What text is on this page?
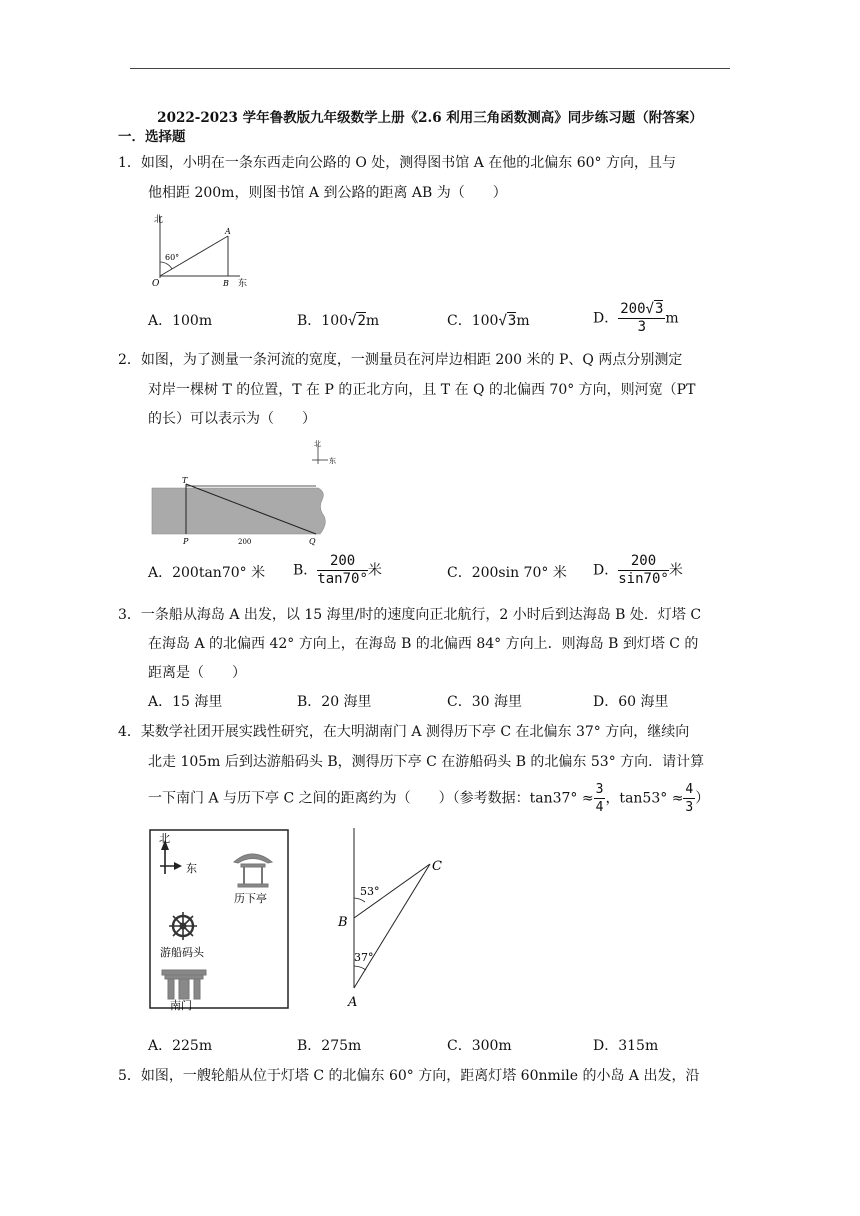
2022-2023 学年鲁教版九年级数学上册《2.6 利用三角函数测高》同步练习题（附答案）
一．选择题
1．如图，小明在一条东西走向公路的 O 处，测得图书馆 A 在他的北偏东 60° 方向，且与
他相距 200m，则图书馆 A 到公路的距离 AB 为（　　）
北
东
60°
O
A
B
A．100m	B．100√2m	C．100√3m	D． $\frac{200√3}{3}$ m
2．如图，为了测量一条河流的宽度，一测量员在河岸边相距 200 米的 P、Q 两点分别测定
对岸一棵树 T 的位置，T 在 P 的正北方向，且 T 在 Q 的北偏西 70° 方向，则河宽（PT
的长）可以表示为（　　）
北
东
T
P	Q
200
A．200tan70° 米 B． $\frac{200}{\tan 70^\circ}$ 米	C．200sin 70° 米 D． $\frac{200}{\sin 70^\circ}$ 米
3．一条船从海岛 A 出发，以 15 海里/时的速度向正北航行，2 小时后到达海岛 B 处．灯塔 C
在海岛 A 的北偏西 42° 方向上，在海岛 B 的北偏西 84° 方向上．则海岛 B 到灯塔 C 的
距离是（　　）
A．15 海里	B．20 海里	C．30 海里	D．60 海里
4．某数学社团开展实践性研究，在大明湖南门 A 测得历下亭 C 在北偏东 37° 方向，继续向
北走 105m 后到达游船码头 B，测得历下亭 C 在游船码头 B 的北偏东 53° 方向．请计算
一下南门 A 与历下亭 C 之间的距离约为（　　）（参考数据：$\tan 37^\circ \approx \frac{3}{4}$ ，$\tan 53^\circ \approx \frac{4}{3}$ ）
北
东
历下亭
游船码头
南门
C
B
A
53°
37°
A．225m	B．275m	C．300m	D．315m
5．如图，一艘轮船从位于灯塔 C 的北偏东 60° 方向，距离灯塔 60nmile 的小岛 A 出发，沿
